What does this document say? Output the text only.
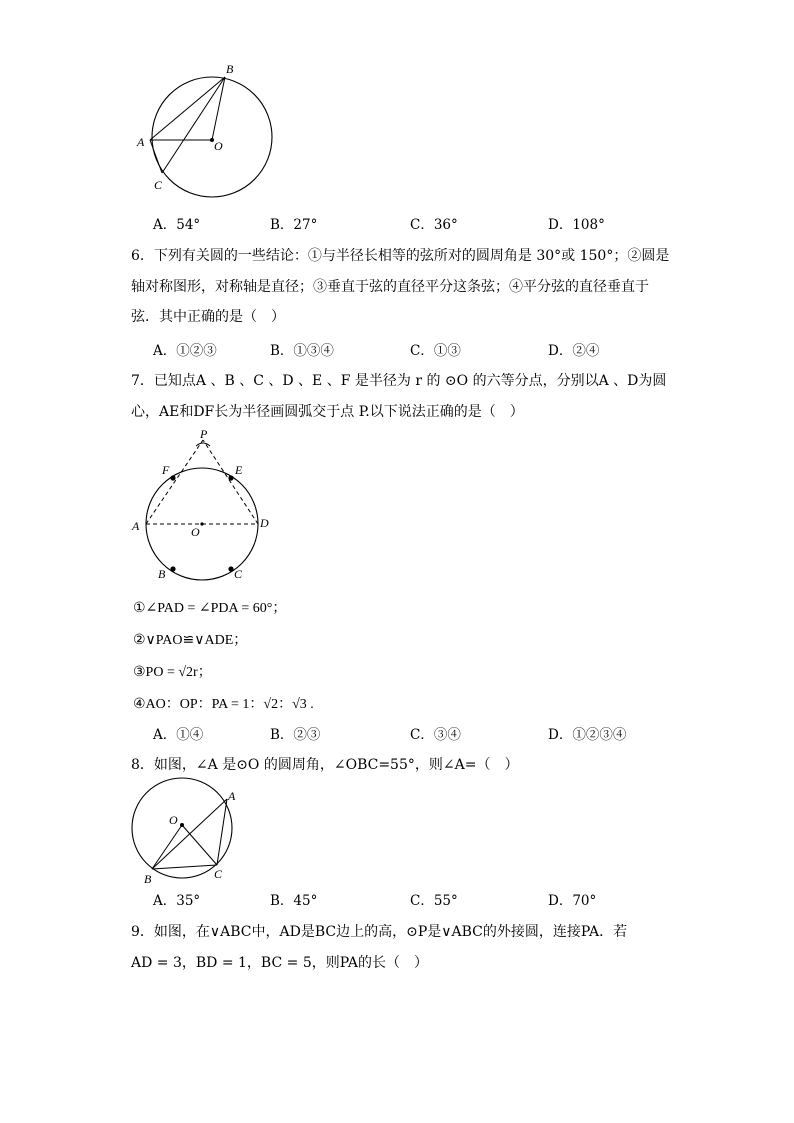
B
A	O
C
A．54°	B．27°	C．36°	D．108°
6．下列有关圆的一些结论：①与半径长相等的弦所对的圆周角是 30°或 150°；②圆是
轴对称图形，对称轴是直径；③垂直于弦的直径平分这条弦；④平分弦的直径垂直于
弦．其中正确的是（　）
A．①②③	B．①③④	C．①③	D．②④
7．已知点A 、B 、C 、D 、E 、F 是半径为 r 的 ⊙O 的六等分点，分别以A 、D为圆
心，AE和DF长为半径画圆弧交于点 P.以下说法正确的是（　）
P
F	E
A	O
D
B	C
①∠PAD = ∠PDA = 60°；
②∨PAO≌∨ADE；
③PO = √2r；
④AO：OP：PA = 1：√2：√3 .
A．①④	B．②③	C．③④	D．①②③④
8．如图，∠A 是⊙O 的圆周角，∠OBC=55°，则∠A=（　）
A
O
B	C
A．35°	B．45°	C．55°	D．70°
9．如图，在∨ABC中，AD是BC边上的高，⊙P是∨ABC的外接圆，连接PA．若
AD = 3，BD = 1，BC = 5，则PA的长（　）
